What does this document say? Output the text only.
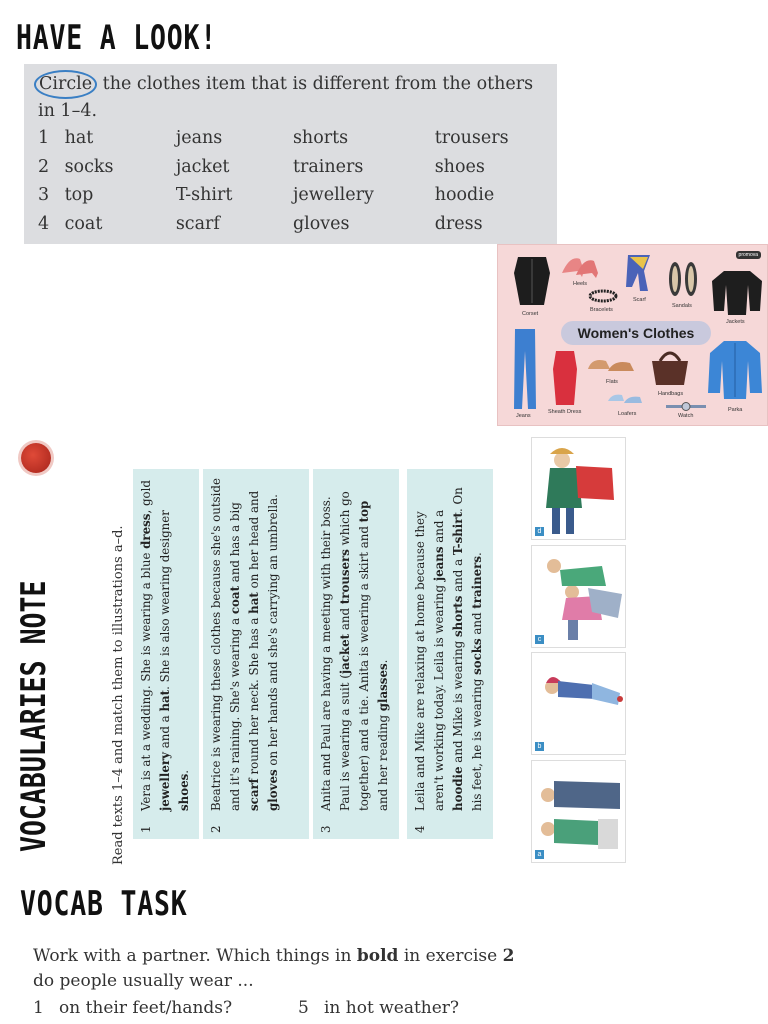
HAVE A LOOK!
Circle the clothes item that is different from the others in 1–4.
1 hat	jeans	shorts	trousers
2 socks	jacket	trainers	shoes
3 top	T-shirt	jewellery	hoodie
4 coat	scarf	gloves	dress
promova
Corset
Heels
Bracelets
Scarf
Sandals
Jackets
Women's Clothes
Jeans
Sheath Dress
Flats
Loafers
Handbags
Watch
Parka
VOCABULARIES NOTE	Read texts 1–4 and match them to illustrations a–d. 1
Vera is at a wedding. She is wearing a blue dress, gold jewellery and a hat. She is also wearing designer shoes.
2
Beatrice is wearing these clothes because she's outside and it's raining. She's wearing a coat and has a big scarf round her neck. She has a hat on her head and gloves on her hands and she's carrying an umbrella.
3
Anita and Paul are having a meeting with their boss. Paul is wearing a suit (jacket and trousers which go together) and a tie. Anita is wearing a skirt and top and her reading glasses.
4
Leila and Mike are relaxing at home because they aren't working today. Leila is wearing jeans and a hoodie and Mike is wearing shorts and a T-shirt. On his feet, he is wearing socks and trainers.
d
c
b
a
VOCAB TASK
Work with a partner. Which things in bold in exercise 2 do people usually wear ...
1 on their feet/hands?	5 in hot weather?
